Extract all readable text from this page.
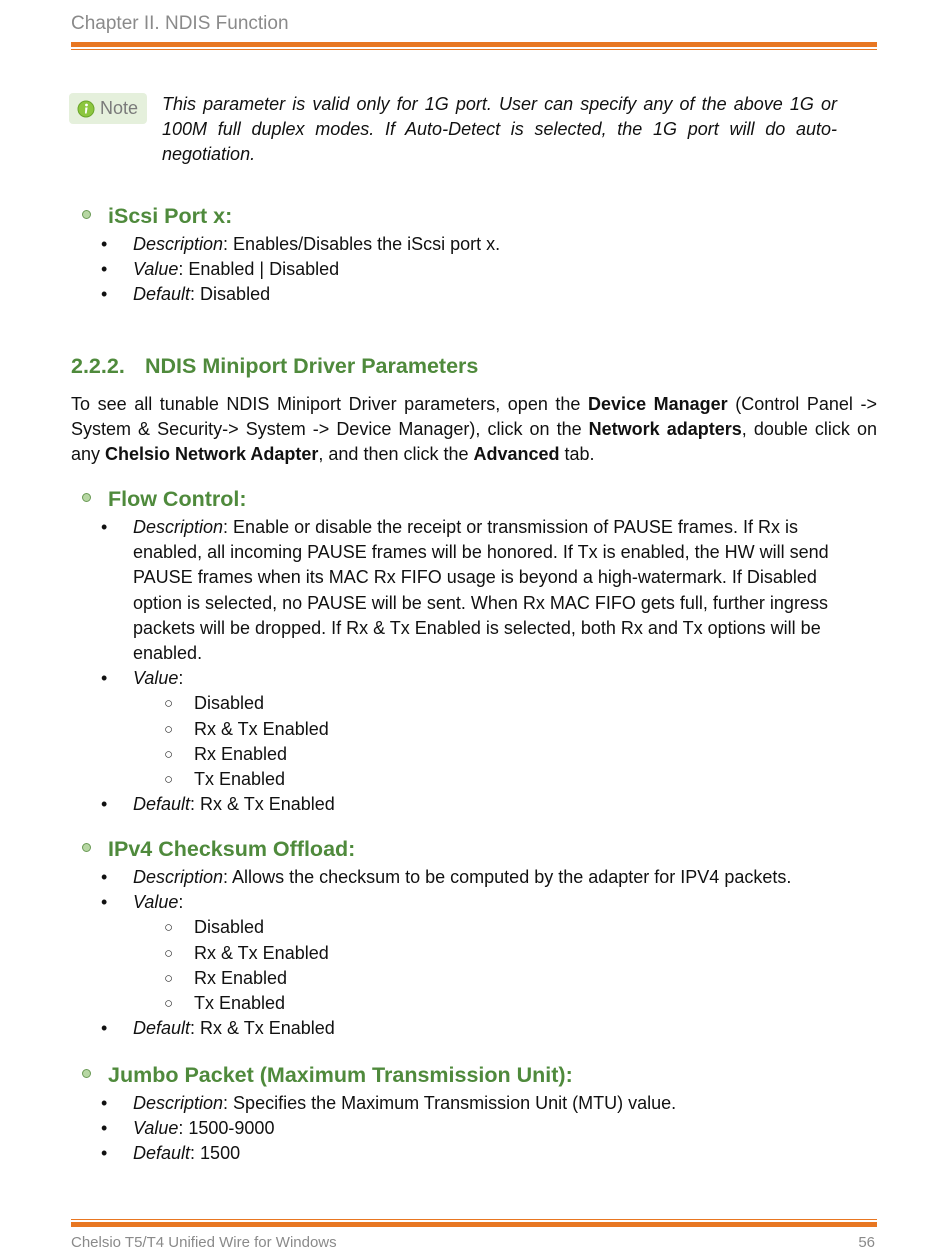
Chapter II. NDIS Function
Note This parameter is valid only for 1G port. User can specify any of the above 1G or 100M full duplex modes. If Auto-Detect is selected, the 1G port will do auto-negotiation.
iScsi Port x:
• Description: Enables/Disables the iScsi port x.
• Value: Enabled | Disabled
• Default: Disabled
2.2.2. NDIS Miniport Driver Parameters
To see all tunable NDIS Miniport Driver parameters, open the Device Manager (Control Panel -> System & Security-> System -> Device Manager), click on the Network adapters, double click on any Chelsio Network Adapter, and then click the Advanced tab.
Flow Control:
• Description: Enable or disable the receipt or transmission of PAUSE frames. If Rx is enabled, all incoming PAUSE frames will be honored. If Tx is enabled, the HW will send PAUSE frames when its MAC Rx FIFO usage is beyond a high-watermark. If Disabled option is selected, no PAUSE will be sent. When Rx MAC FIFO gets full, further ingress packets will be dropped. If Rx & Tx Enabled is selected, both Rx and Tx options will be enabled.
• Value:
○ Disabled
○ Rx & Tx Enabled
○ Rx Enabled
○ Tx Enabled
• Default: Rx & Tx Enabled
IPv4 Checksum Offload:
• Description: Allows the checksum to be computed by the adapter for IPV4 packets.
• Value:
○ Disabled
○ Rx & Tx Enabled
○ Rx Enabled
○ Tx Enabled
• Default: Rx & Tx Enabled
Jumbo Packet (Maximum Transmission Unit):
• Description: Specifies the Maximum Transmission Unit (MTU) value.
• Value: 1500-9000
• Default: 1500
Chelsio T5/T4 Unified Wire for Windows	56
